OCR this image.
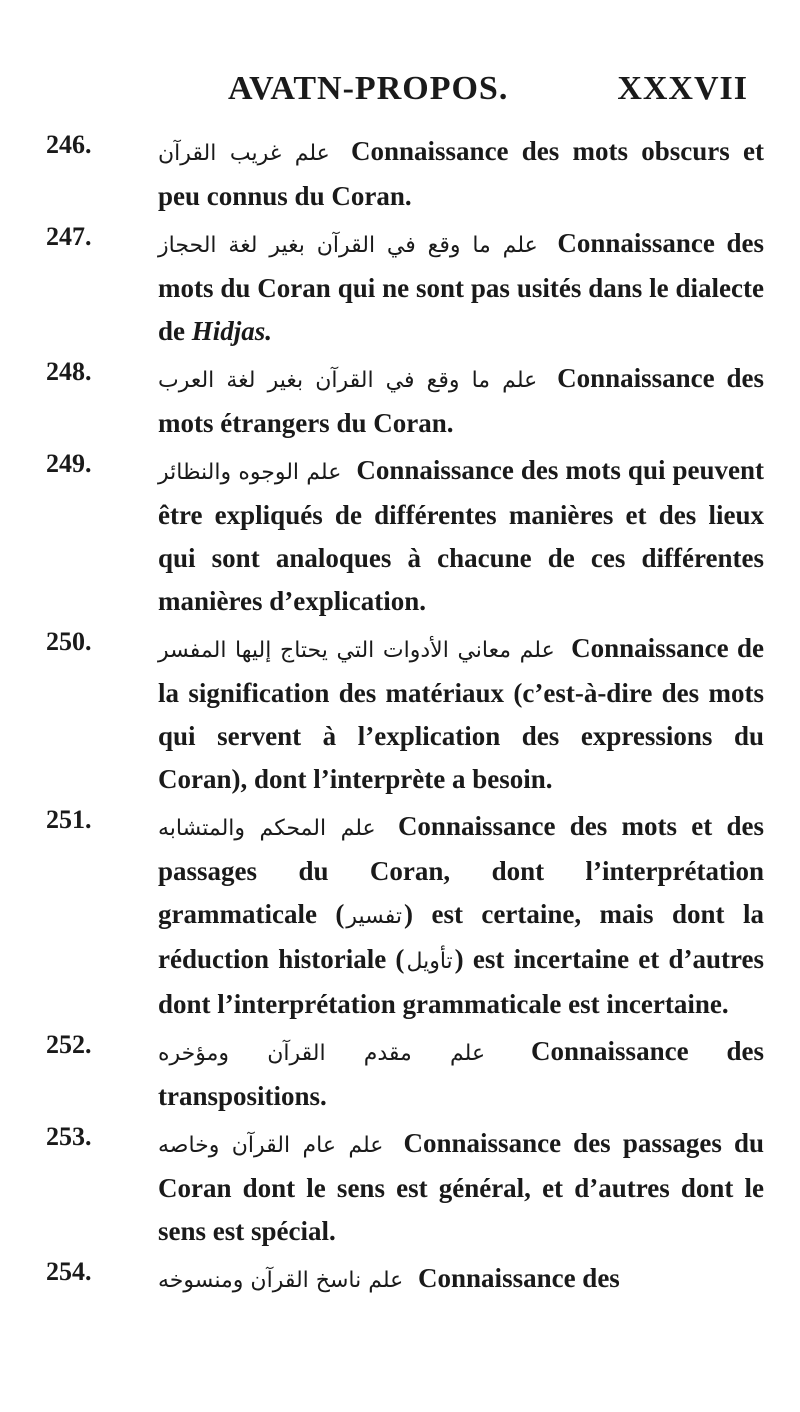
AVATN-PROPOS.	XXXVII
246.	علم غريب القرآن Connaissance des mots obscurs et peu connus du Coran.
247.	علم ما وقع في القرآن بغير لغة الحجاز Connaissance des mots du Coran qui ne sont pas usités dans le dialecte de Hidjas.
248.	علم ما وقع في القرآن بغير لغة العرب Connaissance des mots étrangers du Coran.
249.	علم الوجوه والنظائر Connaissance des mots qui peuvent être expliqués de différentes manières et des lieux qui sont analoques à chacune de ces différentes manières d’explication.
250.	علم معاني الأدوات التي يحتاج إليها المفسر Connaissance de la signification des matériaux (c’est-à-dire des mots qui servent à l’explication des expressions du Coran), dont l’interprète a besoin.
251.	علم المحكم والمتشابه Connaissance des mots et des passages du Coran, dont l’interprétation grammaticale (تفسير) est certaine, mais dont la réduction historiale (تأويل) est incertaine et d’autres dont l’interprétation grammaticale est incertaine.
252.	علم مقدم القرآن ومؤخره Connaissance des transpositions.
253.	علم عام القرآن وخاصه Connaissance des passages du Coran dont le sens est général, et d’autres dont le sens est spécial.
254.	علم ناسخ القرآن ومنسوخه Connaissance des
